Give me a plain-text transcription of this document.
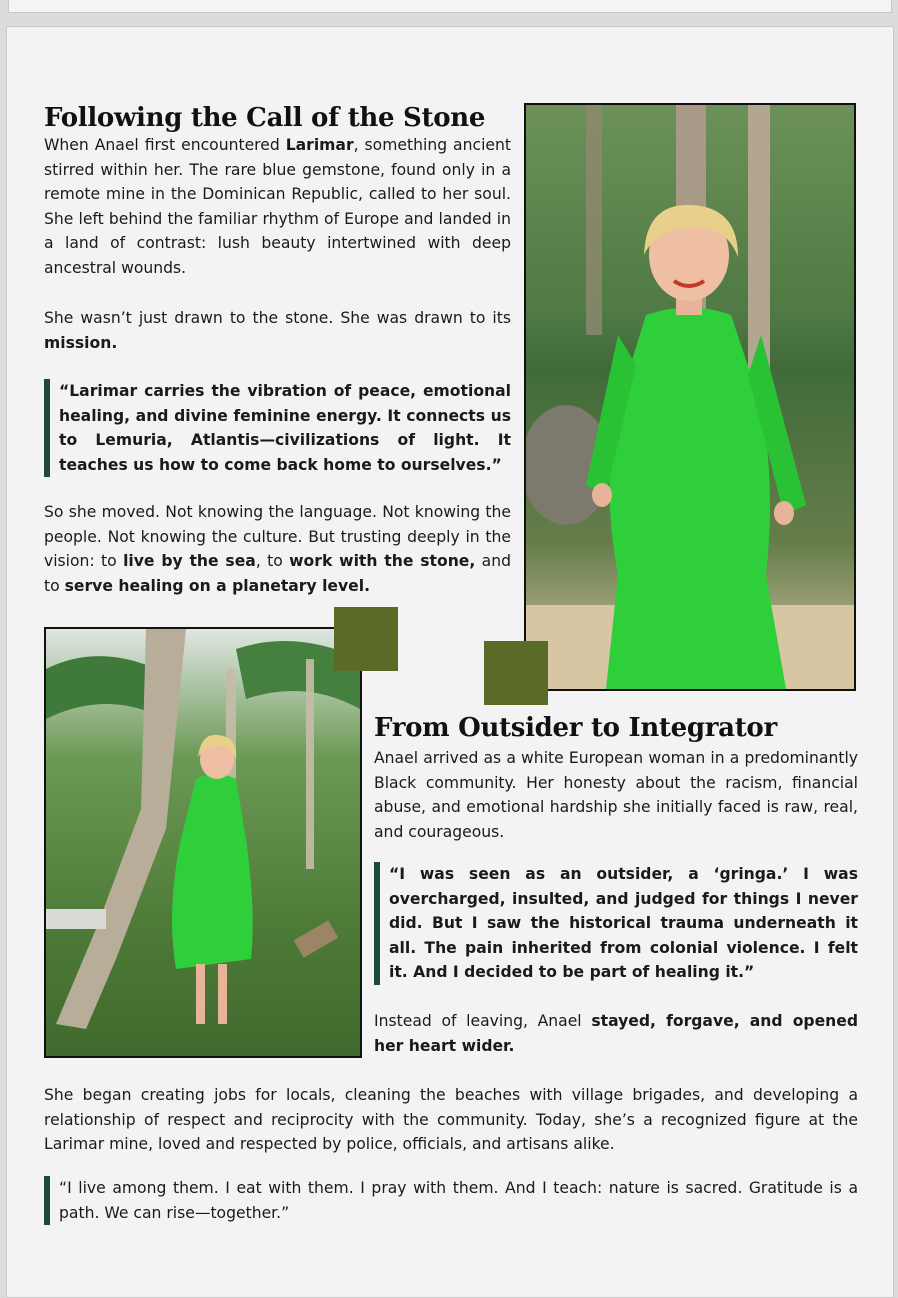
Following the Call of the Stone

When Anael first encountered Larimar, something ancient stirred within her. The rare blue gemstone, found only in a remote mine in the Dominican Republic, called to her soul. She left behind the familiar rhythm of Europe and landed in a land of contrast: lush beauty intertwined with deep ancestral wounds.

She wasn’t just drawn to the stone. She was drawn to its mission.

“Larimar carries the vibration of peace, emotional healing, and divine feminine energy. It connects us to Lemuria, Atlantis—civilizations of light. It teaches us how to come back home to ourselves.”

So she moved. Not knowing the language. Not knowing the people. Not knowing the culture. But trusting deeply in the vision: to live by the sea, to work with the stone, and to serve healing on a planetary level.

From Outsider to Integrator

Anael arrived as a white European woman in a predominantly Black community. Her honesty about the racism, financial abuse, and emotional hardship she initially faced is raw, real, and courageous.

“I was seen as an outsider, a ‘gringa.’ I was overcharged, insulted, and judged for things I never did. But I saw the historical trauma underneath it all. The pain inherited from colonial violence. I felt it. And I decided to be part of healing it.”

Instead of leaving, Anael stayed, forgave, and opened her heart wider.

She began creating jobs for locals, cleaning the beaches with village brigades, and developing a relationship of respect and reciprocity with the community. Today, she’s a recognized figure at the Larimar mine, loved and respected by police, officials, and artisans alike.

“I live among them. I eat with them. I pray with them. And I teach: nature is sacred. Gratitude is a path. We can rise—together.”
